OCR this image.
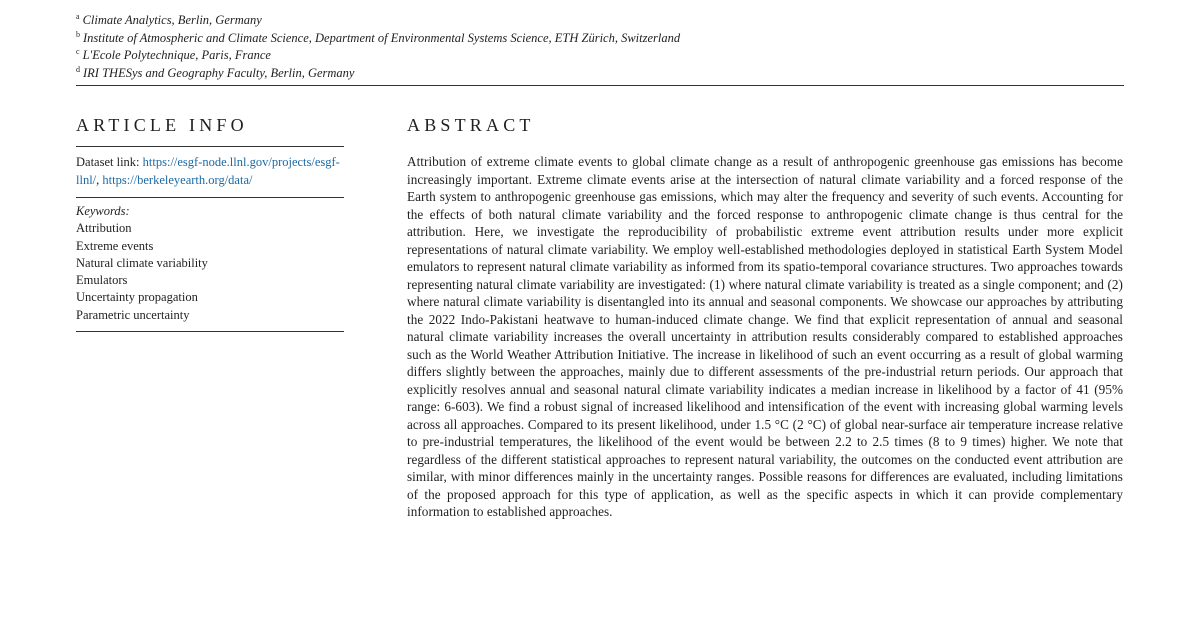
$^a$ Climate Analytics, Berlin, Germany

$^b$ Institute of Atmospheric and Climate Science, Department of Environmental Systems Science, ETH Zürich, Switzerland

$^c$ L'Ecole Polytechnique, Paris, France

$^d$ IRI THESys and Geography Faculty, Berlin, Germany

ARTICLE INFO	ABSTRACT
Dataset link: https://esgf-node.llnl.gov/projects/esgf-llnl/, https://berkeleyearth.org/data/
Keywords:
Attribution
Extreme events
Natural climate variability
Emulators
Uncertainty propagation
Parametric uncertainty

Attribution of extreme climate events to global climate change as a result of anthropogenic greenhouse gas emissions has become increasingly important. Extreme climate events arise at the intersection of natural climate variability and a forced response of the Earth system to anthropogenic greenhouse gas emissions, which may alter the frequency and severity of such events. Accounting for the effects of both natural climate variability and the forced response to anthropogenic climate change is thus central for the attribution. Here, we investigate the reproducibility of probabilistic extreme event attribution results under more explicit representations of natural climate variability. We employ well-established methodologies deployed in statistical Earth System Model emulators to represent natural climate variability as informed from its spatio-temporal covariance structures. Two approaches towards representing natural climate variability are investigated: (1) where natural climate variability is treated as a single component; and (2) where natural climate variability is disentangled into its annual and seasonal components. We showcase our approaches by attributing the 2022 Indo-Pakistani heatwave to human-induced climate change. We find that explicit representation of annual and seasonal natural climate variability increases the overall uncertainty in attribution results considerably compared to established approaches such as the World Weather Attribution Initiative. The increase in likelihood of such an event occurring as a result of global warming differs slightly between the approaches, mainly due to different assessments of the pre-industrial return periods. Our approach that explicitly resolves annual and seasonal natural climate variability indicates a median increase in likelihood by a factor of 41 (95% range: 6-603). We find a robust signal of increased likelihood and intensification of the event with increasing global warming levels across all approaches. Compared to its present likelihood, under 1.5 °C (2 °C) of global near-surface air temperature increase relative to pre-industrial temperatures, the likelihood of the event would be between 2.2 to 2.5 times (8 to 9 times) higher. We note that regardless of the different statistical approaches to represent natural variability, the outcomes on the conducted event attribution are similar, with minor differences mainly in the uncertainty ranges. Possible reasons for differences are evaluated, including limitations of the proposed approach for this type of application, as well as the specific aspects in which it can provide complementary information to established approaches.
